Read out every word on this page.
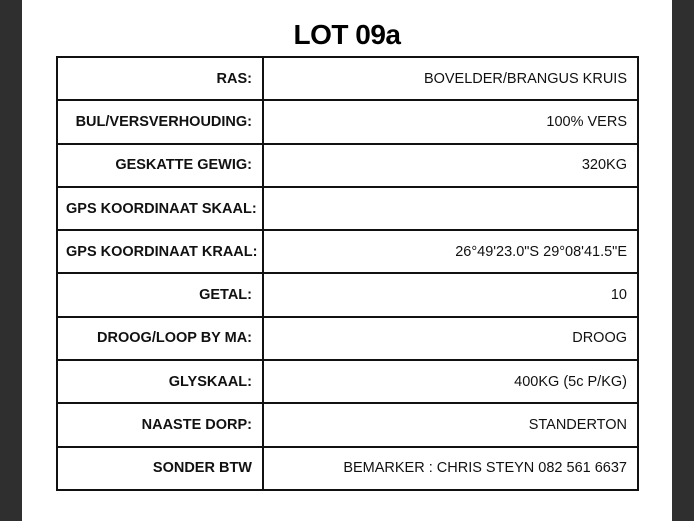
LOT 09a
RAS:	BOVELDER/BRANGUS KRUIS
BUL/VERSVERHOUDING:	100% VERS
GESKATTE GEWIG:	320KG
GPS KOORDINAAT SKAAL:	
GPS KOORDINAAT KRAAL:	26°49'23.0"S 29°08'41.5"E
GETAL:	10
DROOG/LOOP BY MA:	DROOG
GLYSKAAL:	400KG (5c P/KG)
NAASTE DORP:	STANDERTON
SONDER BTW	BEMARKER : CHRIS STEYN 082 561 6637
